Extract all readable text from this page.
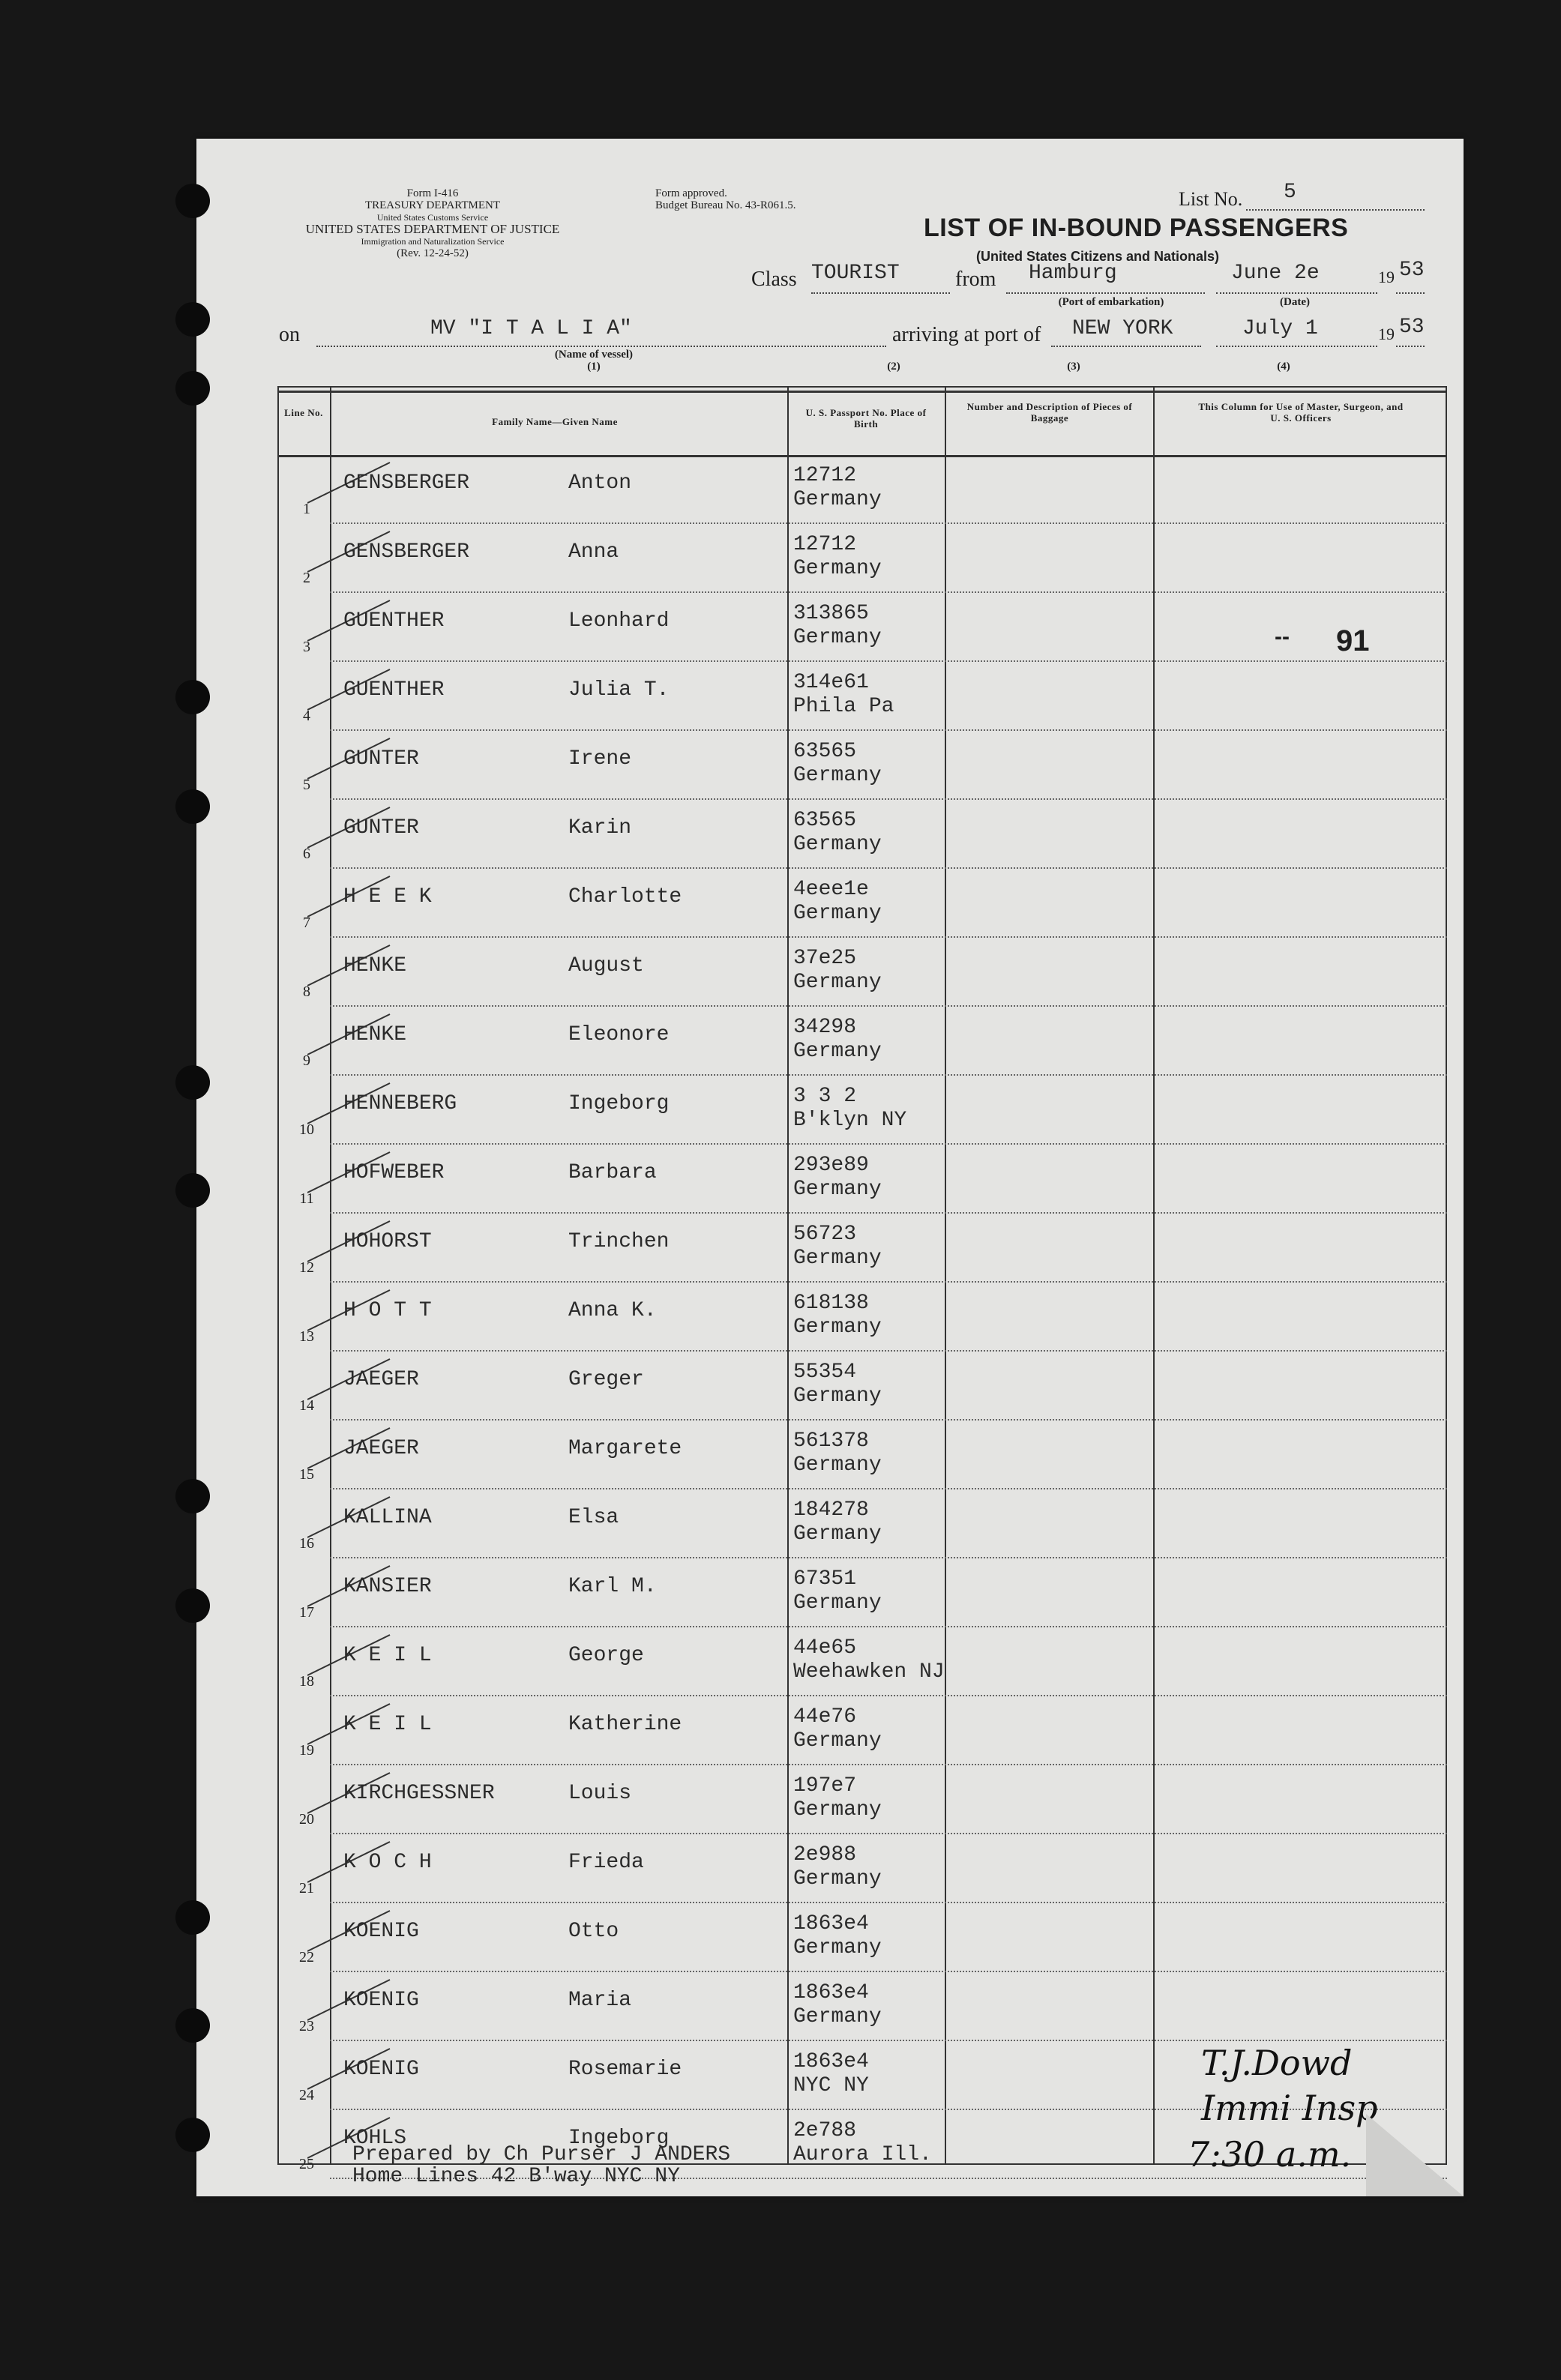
Form I-416
TREASURY DEPARTMENT
United States Customs Service
UNITED STATES DEPARTMENT OF JUSTICE
Immigration and Naturalization Service
(Rev. 12-24-52)
Form approved.
Budget Bureau No. 43-R061.5.	List No. 5
LIST OF IN-BOUND PASSENGERS
(United States Citizens and Nationals)
Class TOURIST	from Hamburg
(Port of embarkation)
June 2e	19 53
(Date)
on	MV "I T A L I A"
(Name of vessel)
(1)
arriving at port of NEW YORK	July 1	19 53
(2)	(3)	(4)
Line No.
Family Name—Given Name
U. S. Passport No. Place of Birth
Number and Description of Pieces of Baggage
This Column for Use of Master, Surgeon, and U. S. Officers
1
GENSBERGER	Anton	12712
Germany
2
GENSBERGER	Anna	12712
Germany
3
GUENTHER	Leonhard	313865
Germany
4
GUENTHER	Julia T.	314e61
Phila Pa
5
GUNTER	Irene	63565
Germany
6
GUNTER	Karin	63565
Germany
7
H E E K	Charlotte	4eee1e
Germany
8
HENKE	August	37e25
Germany
9
HENKE	Eleonore	34298
Germany
10
HENNEBERG	Ingeborg	3 3 2
B'klyn NY
11
HOFWEBER	Barbara	293e89
Germany
12
HOHORST	Trinchen	56723
Germany
13
H O T T	Anna K.	618138
Germany
14
JAEGER	Greger	55354
Germany
15
JAEGER	Margarete	561378
Germany
16
KALLINA	Elsa	184278
Germany
17
KANSIER	Karl M.	67351
Germany
18
K E I L	George	44e65
Weehawken NJ
19
K E I L	Katherine	44e76
Germany
20
KIRCHGESSNER	Louis	197e7
Germany
21
K O C H	Frieda	2e988
Germany
22
KOENIG	Otto	1863e4
Germany
23
KOENIG	Maria	1863e4
Germany
24
KOENIG	Rosemarie	1863e4
NYC NY
25
KOHLS	Ingeborg	2e788
Aurora Ill.
-- 91
Prepared by Ch Purser J ANDERS
Home Lines 42 B'way NYC NY
T.J.Dowd
Immi Insp
7:30 a.m.
